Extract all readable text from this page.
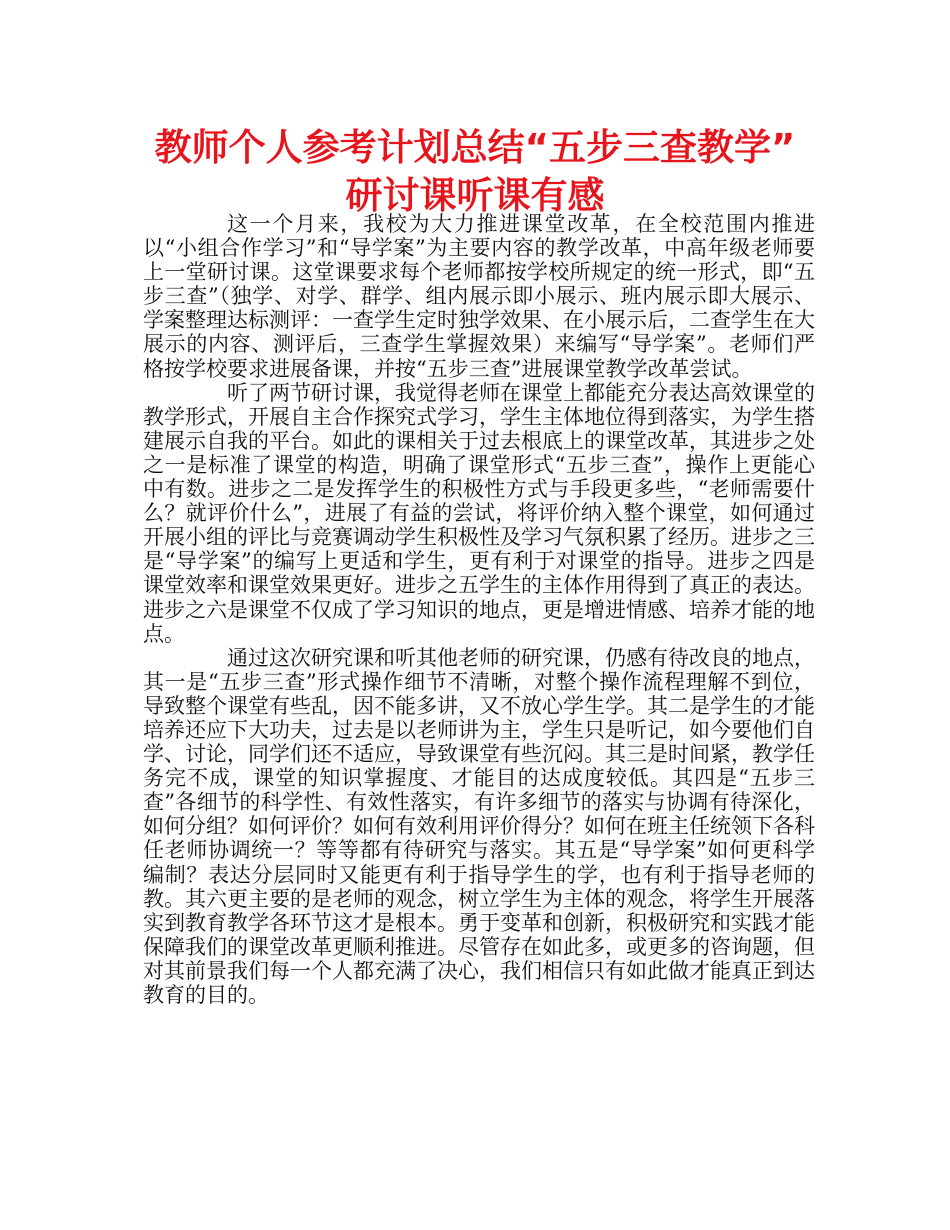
教师个人参考计划总结“五步三查教学”
研讨课听课有感

这一个月来，我校为大力推进课堂改革，在全校范围内推进以“小组合作学习”和“导学案”为主要内容的教学改革，中高年级老师要上一堂研讨课。这堂课要求每个老师都按学校所规定的统一形式，即“五步三查”（独学、对学、群学、组内展示即小展示、班内展示即大展示、学案整理达标测评：一查学生定时独学效果、在小展示后，二查学生在大展示的内容、测评后，三查学生掌握效果）来编写“导学案”。老师们严格按学校要求进展备课，并按“五步三查”进展课堂教学改革尝试。

听了两节研讨课，我觉得老师在课堂上都能充分表达高效课堂的教学形式，开展自主合作探究式学习，学生主体地位得到落实，为学生搭建展示自我的平台。如此的课相关于过去根底上的课堂改革，其进步之处之一是标准了课堂的构造，明确了课堂形式“五步三查”，操作上更能心中有数。进步之二是发挥学生的积极性方式与手段更多些，“老师需要什么？就评价什么”，进展了有益的尝试，将评价纳入整个课堂，如何通过开展小组的评比与竞赛调动学生积极性及学习气氛积累了经历。进步之三是“导学案”的编写上更适和学生，更有利于对课堂的指导。进步之四是课堂效率和课堂效果更好。进步之五学生的主体作用得到了真正的表达。进步之六是课堂不仅成了学习知识的地点，更是增进情感、培养才能的地点。

通过这次研究课和听其他老师的研究课，仍感有待改良的地点，其一是“五步三查”形式操作细节不清晰，对整个操作流程理解不到位，导致整个课堂有些乱，因不能多讲，又不放心学生学。其二是学生的才能培养还应下大功夫，过去是以老师讲为主，学生只是听记，如今要他们自学、讨论，同学们还不适应，导致课堂有些沉闷。其三是时间紧，教学任务完不成，课堂的知识掌握度、才能目的达成度较低。其四是“五步三查”各细节的科学性、有效性落实，有许多细节的落实与协调有待深化，如何分组？如何评价？如何有效利用评价得分？如何在班主任统领下各科任老师协调统一？等等都有待研究与落实。其五是“导学案”如何更科学编制？表达分层同时又能更有利于指导学生的学，也有利于指导老师的教。其六更主要的是老师的观念，树立学生为主体的观念，将学生开展落实到教育教学各环节这才是根本。勇于变革和创新，积极研究和实践才能保障我们的课堂改革更顺利推进。尽管存在如此多，或更多的咨询题，但对其前景我们每一个人都充满了决心，我们相信只有如此做才能真正到达教育的目的。
